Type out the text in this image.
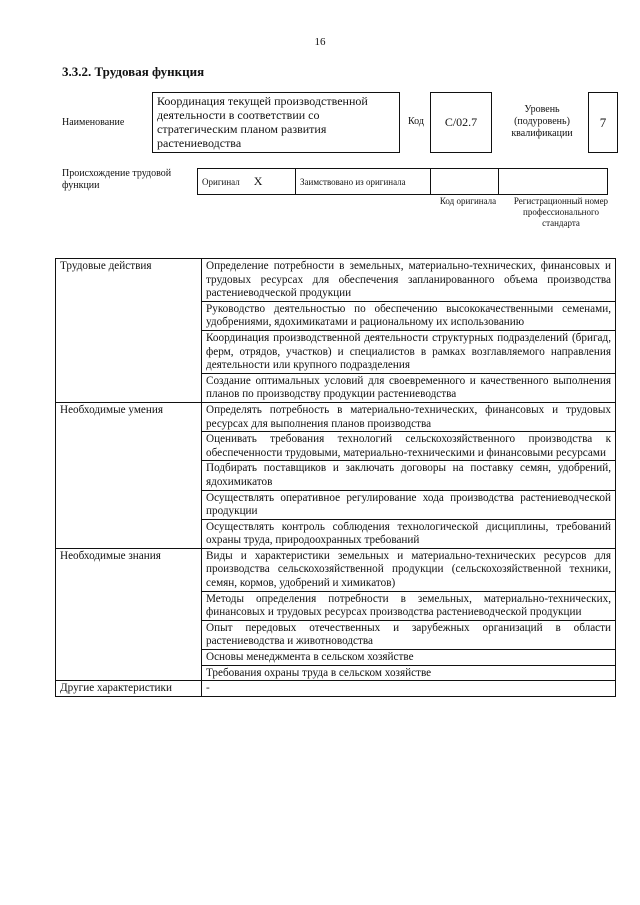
16
3.3.2. Трудовая функция
Наименование
Координация текущей производственной деятельности в соответствии со стратегическим планом развития растениеводства
Код C/02.7
Уровень (подуровень) квалификации
7
Происхождение трудовой функции	Оригинал X	Заимствовано из оригинала		
Код оригинала	Регистрационный номер профессионального стандарта
Трудовые действия	Определение потребности в земельных, материально-технических, финансовых и трудовых ресурсах для обеспечения запланированного объема производства растениеводческой продукции
	Руководство деятельностью по обеспечению высококачественными семенами, удобрениями, ядохимикатами и рациональному их использованию
	Координация производственной деятельности структурных подразделений (бригад, ферм, отрядов, участков) и специалистов в рамках возглавляемого направления деятельности или крупного подразделения
	Создание оптимальных условий для своевременного и качественного выполнения планов по производству продукции растениеводства
Необходимые умения	Определять потребность в материально-технических, финансовых и трудовых ресурсах для выполнения планов производства
	Оценивать требования технологий сельскохозяйственного производства к обеспеченности трудовыми, материально-техническими и финансовыми ресурсами
	Подбирать поставщиков и заключать договоры на поставку семян, удобрений, ядохимикатов
	Осуществлять оперативное регулирование хода производства растениеводческой продукции
	Осуществлять контроль соблюдения технологической дисциплины, требований охраны труда, природоохранных требований
Необходимые знания	Виды и характеристики земельных и материально-технических ресурсов для производства сельскохозяйственной продукции (сельскохозяйственной техники, семян, кормов, удобрений и химикатов)
	Методы определения потребности в земельных, материально-технических, финансовых и трудовых ресурсах производства растениеводческой продукции
	Опыт передовых отечественных и зарубежных организаций в области растениеводства и животноводства
	Основы менеджмента в сельском хозяйстве
	Требования охраны труда в сельском хозяйстве
Другие характеристики	-
